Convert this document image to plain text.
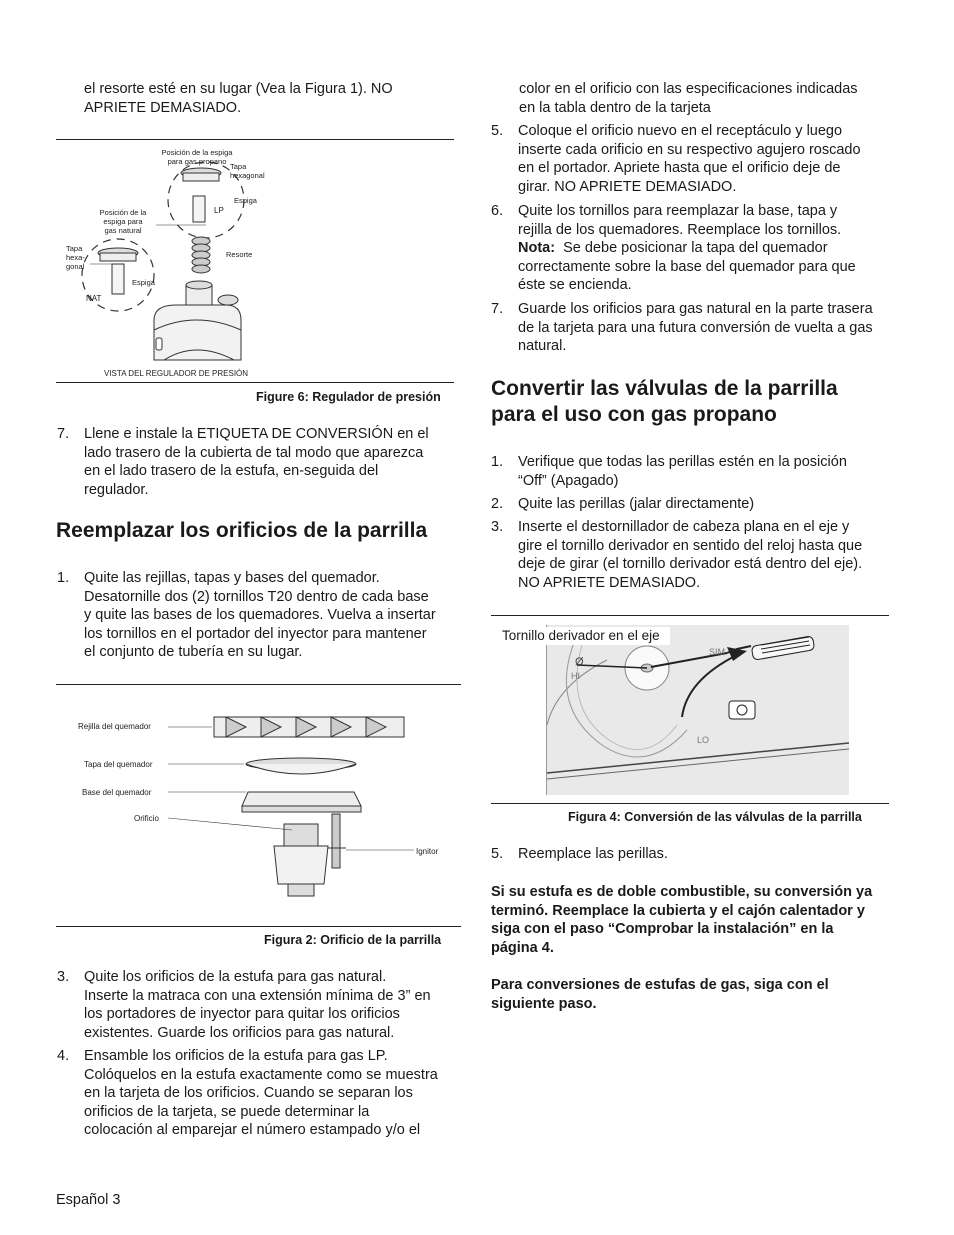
el resorte esté en su lugar (Vea la Figura 1). NO
APRIETE DEMASIADO.
Posición de la espiga para gas propano
Tapa hexagonal
LP
Espiga
Posición de la espiga para gas natural
Tapa hexa-gonal
Resorte
Espiga
NAT
VISTA DEL REGULADOR DE PRESIÓN
Figure 6: Regulador de presión
7. Llene e instale la ETIQUETA DE CONVERSIÓN en el
lado trasero de la cubierta de tal modo que aparezca
en el lado trasero de la estufa, en-seguida del
regulador.
Reemplazar los orificios de la parrilla
1. Quite las rejillas, tapas y bases del quemador.
Desatornille dos (2) tornillos T20 dentro de cada base
y quite las bases de los quemadores. Vuelva a insertar
los tornillos en el portador del inyector para mantener
el conjunto de tubería en su lugar.
Rejilla del quemador
Tapa del quemador
Base del quemador
Orificio
Ignitor
Figura 2: Orificio de la parrilla
3. Quite los orificios de la estufa para gas natural.
Inserte la matraca con una extensión mínima de 3” en
los portadores de inyector para quitar los orificios
existentes. Guarde los orificios para gas natural.
4. Ensamble los orificios de la estufa para gas LP.
Colóquelos en la estufa exactamente como se muestra
en la tarjeta de los orificios. Cuando se separan los
orificios de la tarjeta, se puede determinar la
colocación al emparejar el número estampado y/o el
Español 3
color en el orificio con las especificaciones indicadas
en la tabla dentro de la tarjeta
5. Coloque el orificio nuevo en el receptáculo y luego
inserte cada orificio en su respectivo agujero roscado
en el portador. Apriete hasta que el orificio deje de
girar. NO APRIETE DEMASIADO.
6. Quite los tornillos para reemplazar la base, tapa y
rejilla de los quemadores. Reemplace los tornillos.
Nota:  Se debe posicionar la tapa del quemador
correctamente sobre la base del quemador para que
éste se encienda.
7. Guarde los orificios para gas natural en la parte trasera
de la tarjeta para una futura conversión de vuelta a gas
natural.
Convertir las válvulas de la parrilla
para el uso con gas propano
1. Verifique que todas las perillas estén en la posición
“Off” (Apagado)
2. Quite las perillas (jalar directamente)
3. Inserte el destornillador de cabeza plana en el eje y
gire el tornillo derivador en sentido del reloj hasta que
deje de girar (el tornillo derivador está dentro del eje).
NO APRIETE DEMASIADO.
Ø
HI
LO
SIM
Tornillo derivador en el eje
Figura 4: Conversión de las válvulas de la parrilla
5. Reemplace las perillas.
Si su estufa es de doble combustible, su conversión ya
terminó. Reemplace la cubierta y el cajón calentador y
siga con el paso “Comprobar la instalación” en la
página 4.
Para conversiones de estufas de gas, siga con el
siguiente paso.
